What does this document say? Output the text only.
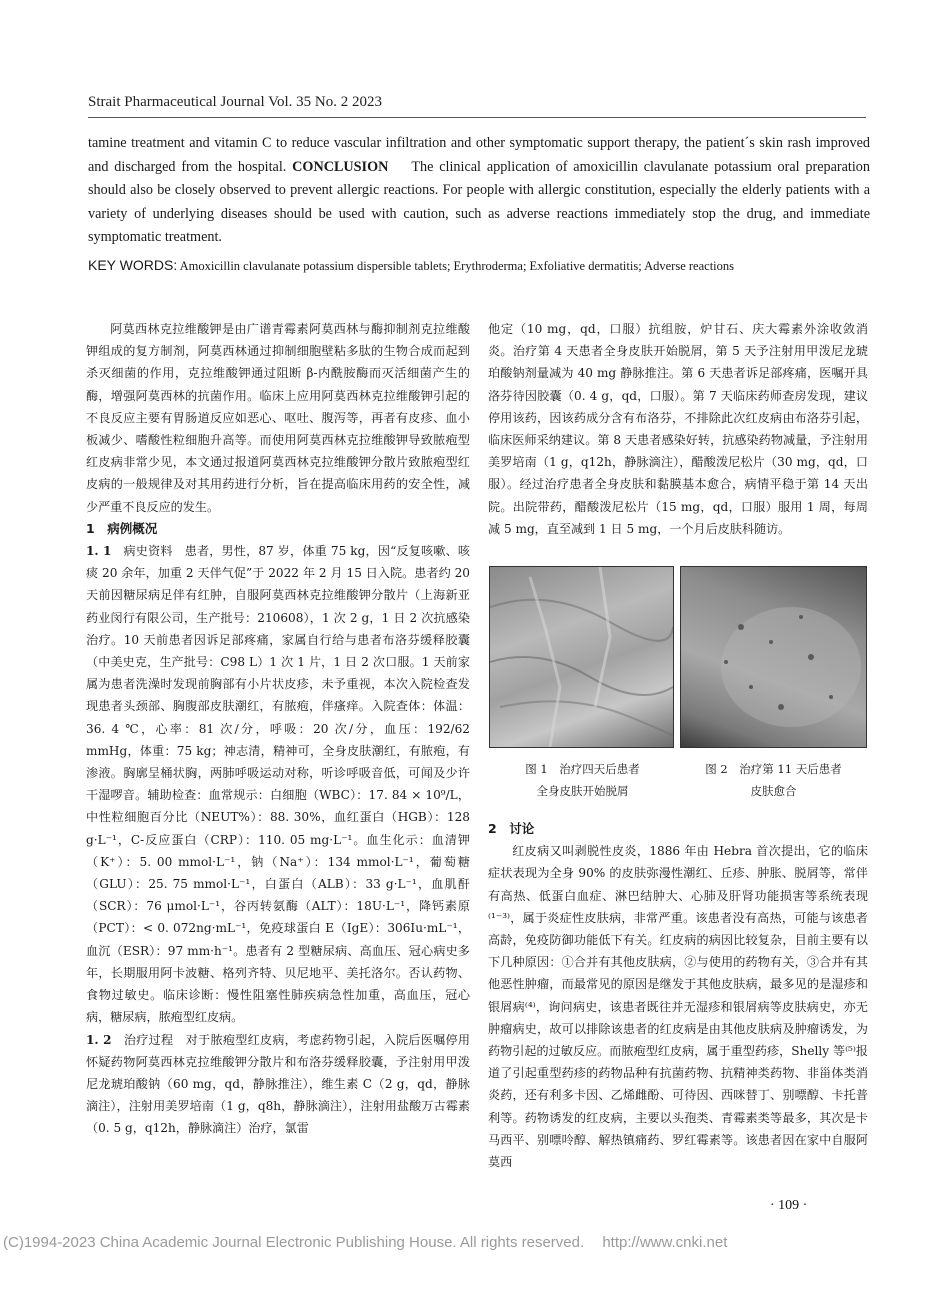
Strait Pharmaceutical Journal Vol. 35 No. 2 2023
tamine treatment and vitamin C to reduce vascular infiltration and other symptomatic support therapy, the patient´s skin rash improved and discharged from the hospital. CONCLUSION The clinical application of amoxicillin clavulanate potassium oral preparation should also be closely observed to prevent allergic reactions. For people with allergic constitution, especially the elderly patients with a variety of underlying diseases should be used with caution, such as adverse reactions immediately stop the drug, and immediate symptomatic treatment.
KEY WORDS: Amoxicillin clavulanate potassium dispersible tablets; Erythroderma; Exfoliative dermatitis; Adverse reactions

阿莫西林克拉维酸钾是由广谱青霉素阿莫西林与酶抑制剂克拉维酸钾组成的复方制剂，阿莫西林通过抑制细胞壁粘多肽的生物合成而起到杀灭细菌的作用，克拉维酸钾通过阻断 β-内酰胺酶而灭活细菌产生的酶，增强阿莫西林的抗菌作用。临床上应用阿莫西林克拉维酸钾引起的不良反应主要有胃肠道反应如恶心、呕吐、腹泻等，再者有皮疹、血小板减少、嗜酸性粒细胞升高等。而使用阿莫西林克拉维酸钾导致脓疱型红皮病非常少见，本文通过报道阿莫西林克拉维酸钾分散片致脓疱型红皮病的一般规律及对其用药进行分析，旨在提高临床用药的安全性，减少严重不良反应的发生。

1　病例概况

1. 1 病史资料 患者，男性，87 岁，体重 75 kg，因“反复咳嗽、咳痰 20 余年，加重 2 天伴气促”于 2022 年 2 月 15 日入院。患者约 20 天前因糖尿病足伴有红肿，自服阿莫西林克拉维酸钾分散片（上海新亚药业闵行有限公司，生产批号：210608），1 次 2 g，1 日 2 次抗感染治疗。10 天前患者因诉足部疼痛，家属自行给与患者布洛芬缓释胶囊（中美史克，生产批号：C98 L）1 次 1 片，1 日 2 次口服。1 天前家属为患者洗澡时发现前胸部有小片状皮疹，未予重视，本次入院检查发现患者头颈部、胸腹部皮肤潮红，有脓疱，伴瘙痒。入院查体：体温：36. 4 ℃，心率：81 次/分，呼吸：20 次/分，血压：192/62 mmHg，体重：75 kg；神志清，精神可，全身皮肤潮红，有脓疱，有渗液。胸廓呈桶状胸，两肺呼吸运动对称，听诊呼吸音低，可闻及少许干湿啰音。辅助检查：血常规示：白细胞（WBC）：17. 84 × 10⁹/L，中性粒细胞百分比（NEUT%）：88. 30%，血红蛋白（HGB）：128 g·L⁻¹，C-反应蛋白（CRP）：110. 05 mg·L⁻¹。血生化示：血清钾（K⁺）：5. 00 mmol·L⁻¹，钠（Na⁺）：134 mmol·L⁻¹，葡萄糖（GLU）：25. 75 mmol·L⁻¹，白蛋白（ALB）：33 g·L⁻¹，血肌酐（SCR）：76 μmol·L⁻¹，谷丙转氨酶（ALT）：18U·L⁻¹，降钙素原（PCT）：< 0. 072ng·mL⁻¹，免疫球蛋白 E（IgE）：306Iu·mL⁻¹，血沉（ESR）：97 mm·h⁻¹。患者有 2 型糖尿病、高血压、冠心病史多年，长期服用阿卡波糖、格列齐特、贝尼地平、美托洛尔。否认药物、食物过敏史。临床诊断：慢性阻塞性肺疾病急性加重，高血压，冠心病，糖尿病，脓疱型红皮病。

1. 2 治疗过程 对于脓疱型红皮病，考虑药物引起，入院后医嘱停用怀疑药物阿莫西林克拉维酸钾分散片和布洛芬缓释胶囊，予注射用甲泼尼龙琥珀酸钠（60 mg，qd，静脉推注），维生素 C（2 g，qd，静脉滴注），注射用美罗培南（1 g，q8h，静脉滴注），注射用盐酸万古霉素（0. 5 g，q12h，静脉滴注）治疗，氯雷

他定（10 mg，qd，口服）抗组胺，炉甘石、庆大霉素外涂收敛消炎。治疗第 4 天患者全身皮肤开始脱屑，第 5 天予注射用甲泼尼龙琥珀酸钠剂量减为 40 mg 静脉推注。第 6 天患者诉足部疼痛，医嘱开具洛芬待因胶囊（0. 4 g，qd，口服）。第 7 天临床药师查房发现，建议停用该药，因该药成分含有布洛芬，不排除此次红皮病由布洛芬引起，临床医师采纳建议。第 8 天患者感染好转，抗感染药物减量，予注射用美罗培南（1 g，q12h，静脉滴注），醋酸泼尼松片（30 mg，qd，口服）。经过治疗患者全身皮肤和黏膜基本愈合，病情平稳于第 14 天出院。出院带药，醋酸泼尼松片（15 mg，qd，口服）服用 1 周，每周减 5 mg，直至减到 1 日 5 mg，一个月后皮肤科随访。

图 1　治疗四天后患者
全身皮肤开始脱屑
图 2　治疗第 11 天后患者
皮肤愈合

2　讨论

红皮病又叫剥脱性皮炎，1886 年由 Hebra 首次提出，它的临床症状表现为全身 90% 的皮肤弥漫性潮红、丘疹、肿胀、脱屑等，常伴有高热、低蛋白血症、淋巴结肿大、心肺及肝肾功能损害等系统表现⁽¹⁻³⁾，属于炎症性皮肤病，非常严重。该患者没有高热，可能与该患者高龄，免疫防御功能低下有关。红皮病的病因比较复杂，目前主要有以下几种原因：①合并有其他皮肤病，②与使用的药物有关，③合并有其他恶性肿瘤，而最常见的原因是继发于其他皮肤病，最多见的是湿疹和银屑病⁽⁴⁾，询问病史，该患者既往并无湿疹和银屑病等皮肤病史，亦无肿瘤病史，故可以排除该患者的红皮病是由其他皮肤病及肿瘤诱发，为药物引起的过敏反应。而脓疱型红皮病，属于重型药疹，Shelly 等⁽⁵⁾报道了引起重型药疹的药物品种有抗菌药物、抗精神类药物、非甾体类消炎药，还有利多卡因、乙烯雌酚、可待因、西咪替丁、别嘌醇、卡托普利等。药物诱发的红皮病，主要以头孢类、青霉素类等最多，其次是卡马西平、别嘌呤醇、解热镇痛药、罗红霉素等。该患者因在家中自服阿莫西

· 109 ·
(C)1994-2023 China Academic Journal Electronic Publishing House. All rights reserved. http://www.cnki.net
